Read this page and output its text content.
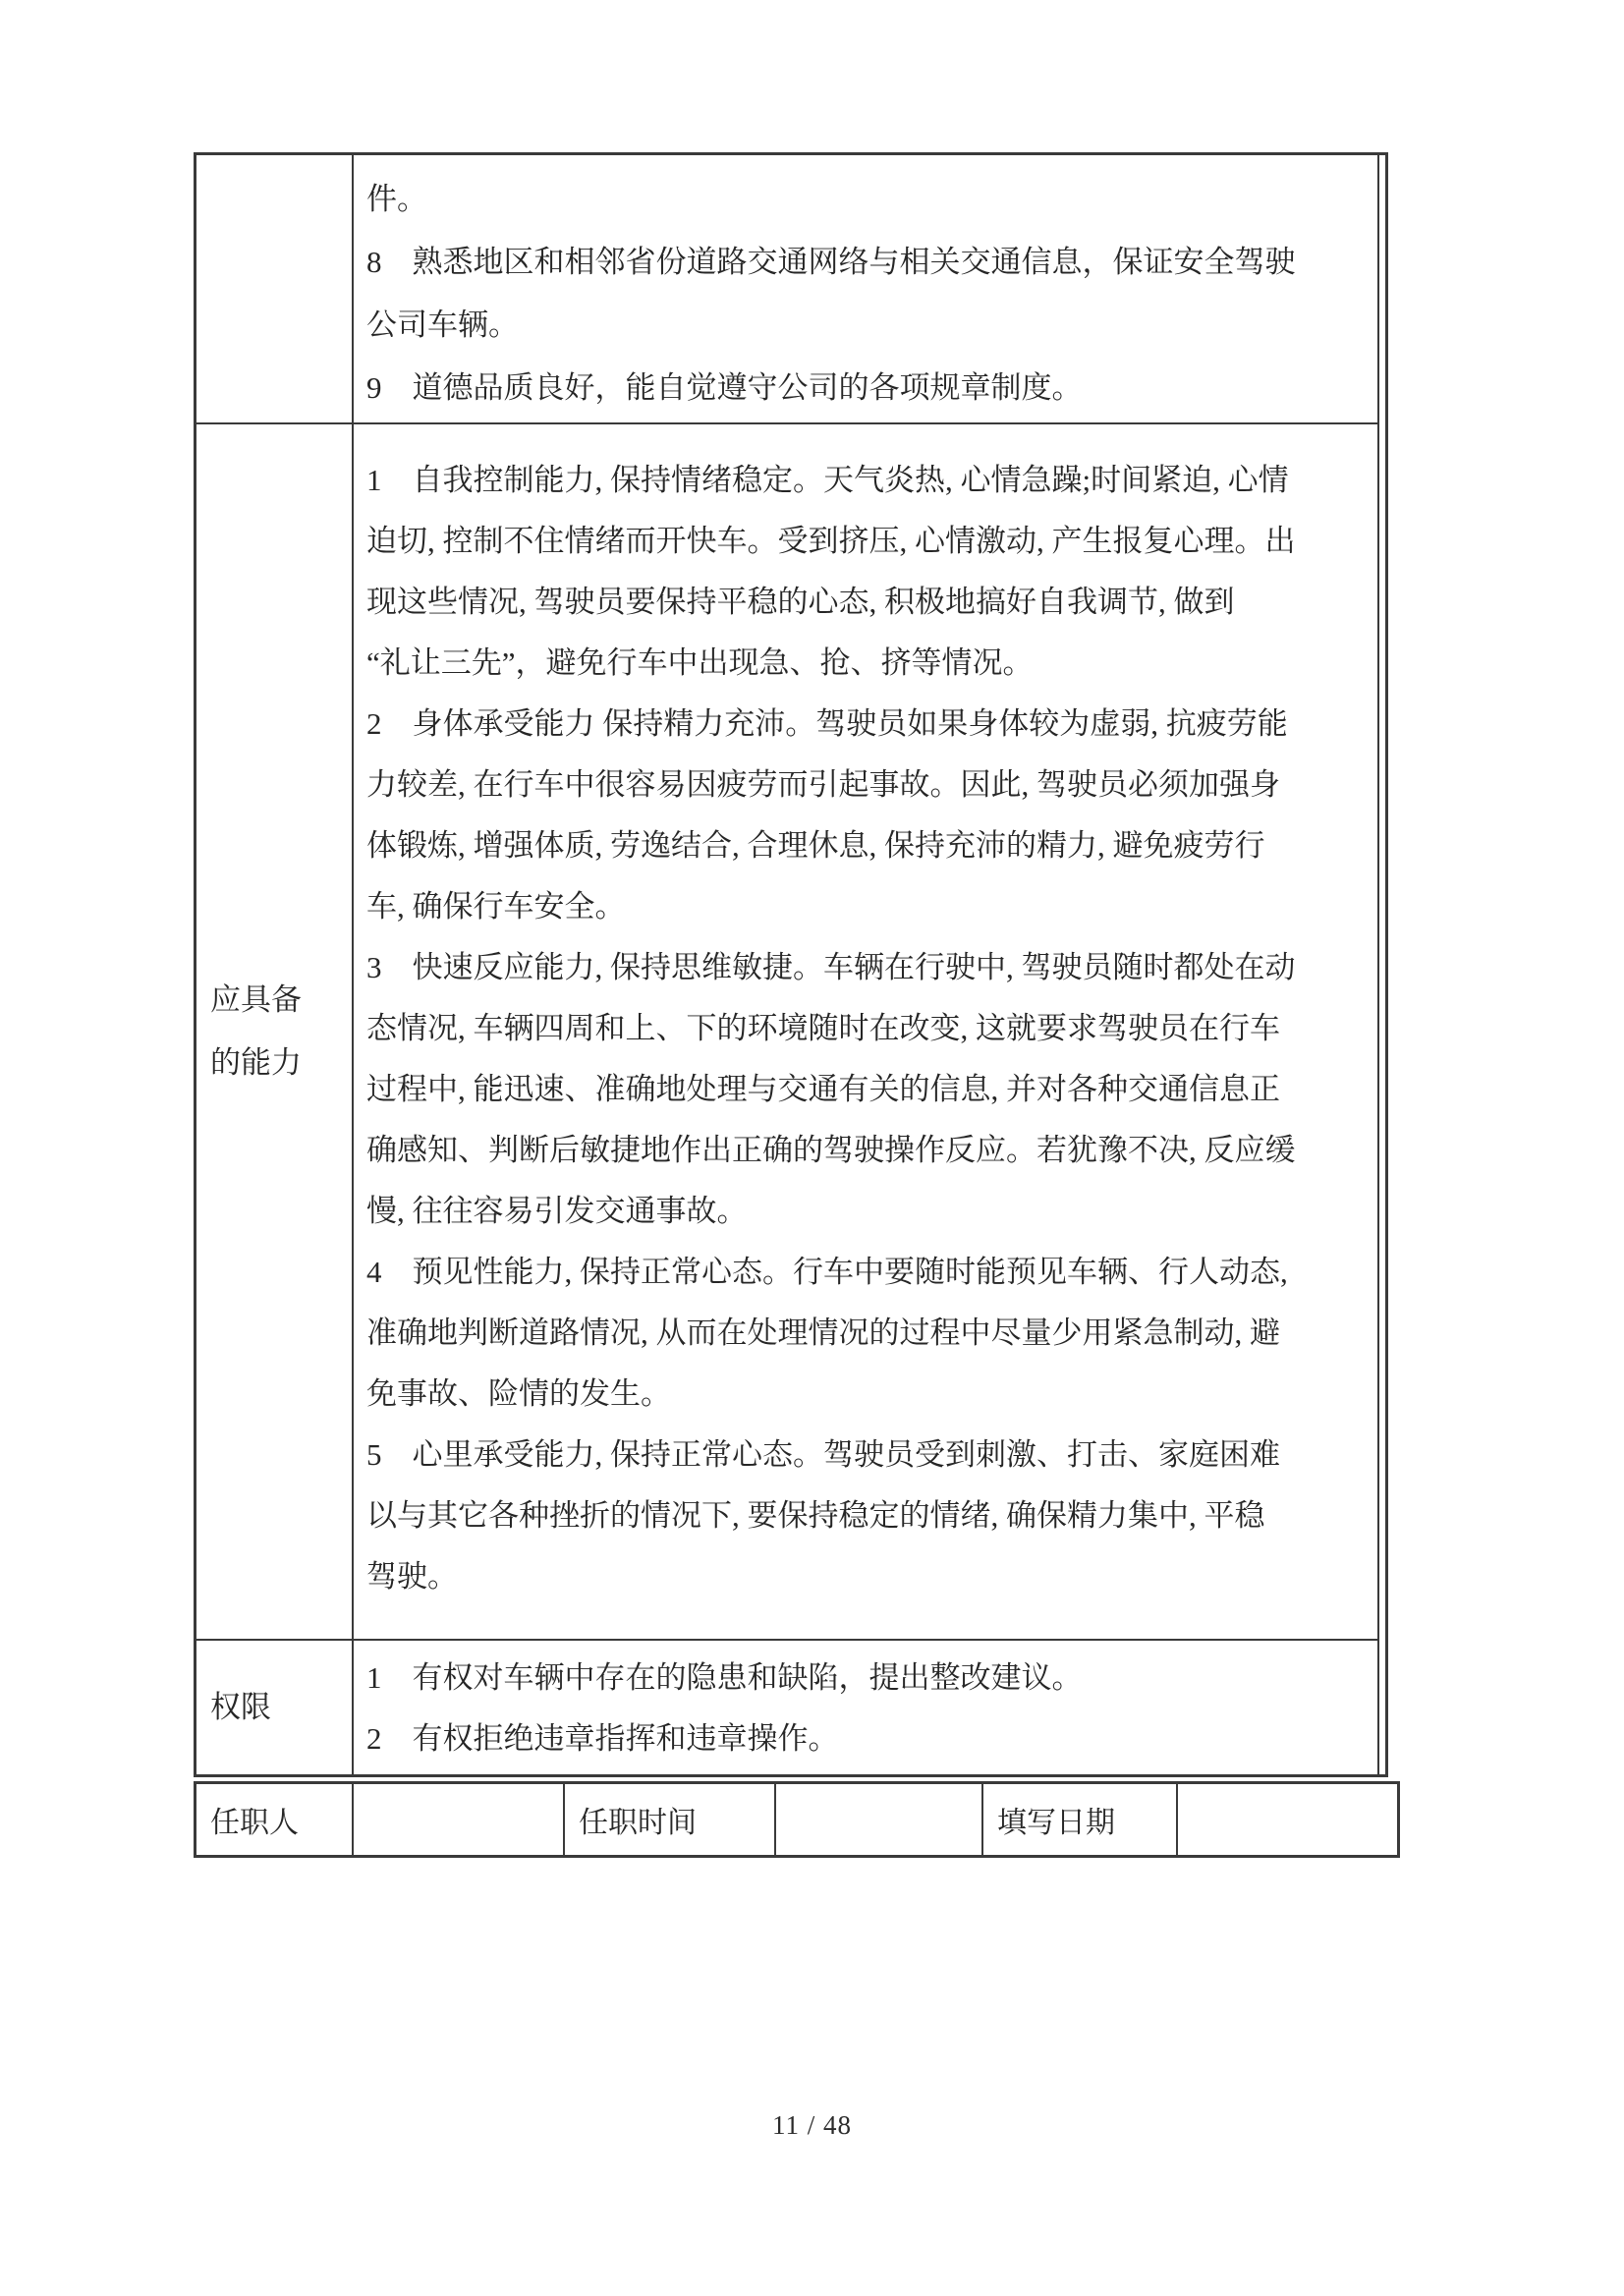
件。
8　熟悉地区和相邻省份道路交通网络与相关交通信息，保证安全驾驶
公司车辆。
9　道德品质良好，能自觉遵守公司的各项规章制度。
应具备
的能力
1　自我控制能力, 保持情绪稳定。天气炎热, 心情急躁;时间紧迫, 心情
迫切, 控制不住情绪而开快车。受到挤压, 心情激动, 产生报复心理。出
现这些情况, 驾驶员要保持平稳的心态, 积极地搞好自我调节, 做到
“礼让三先”，避免行车中出现急、抢、挤等情况。
2　身体承受能力 保持精力充沛。驾驶员如果身体较为虚弱, 抗疲劳能
力较差, 在行车中很容易因疲劳而引起事故。因此, 驾驶员必须加强身
体锻炼, 增强体质, 劳逸结合, 合理休息, 保持充沛的精力, 避免疲劳行
车, 确保行车安全。
3　快速反应能力, 保持思维敏捷。车辆在行驶中, 驾驶员随时都处在动
态情况, 车辆四周和上、下的环境随时在改变, 这就要求驾驶员在行车
过程中, 能迅速、准确地处理与交通有关的信息, 并对各种交通信息正
确感知、判断后敏捷地作出正确的驾驶操作反应。若犹豫不决, 反应缓
慢, 往往容易引发交通事故。
4　预见性能力, 保持正常心态。行车中要随时能预见车辆、行人动态,
准确地判断道路情况, 从而在处理情况的过程中尽量少用紧急制动, 避
免事故、险情的发生。
5　心里承受能力, 保持正常心态。驾驶员受到刺激、打击、家庭困难
以与其它各种挫折的情况下, 要保持稳定的情绪, 确保精力集中, 平稳
驾驶。
权限
1　有权对车辆中存在的隐患和缺陷，提出整改建议。
2　有权拒绝违章指挥和违章操作。
任职人	任职时间	填写日期
11 / 48
